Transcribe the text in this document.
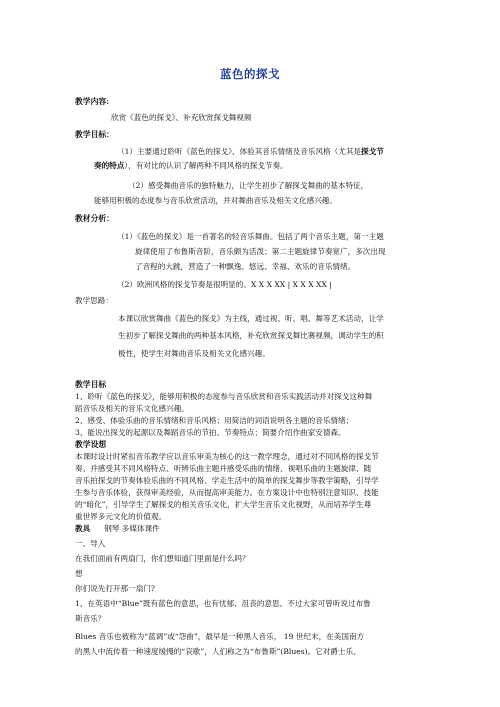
蓝色的探戈
教学内容:
欣赏《蓝色的探戈》、补充欣赏探戈舞视频
教学目标：
（1）主要通过聆听《蓝色的探戈》、体验其音乐情绪及音乐风格（尤其是探戈节
奏的特点），有对比的认识了解两种不同风格的探戈节奏。
（2）感受舞曲音乐的独特魅力，让学生初步了解探戈舞曲的基本特征，
能够用积极的态度参与音乐欣赏活动，并对舞曲音乐及相关文化感兴趣。
教材分析：
（1）《蓝色的探戈》是一首著名的轻音乐舞曲。包括了两个音乐主题，第一主题
旋律使用了布鲁斯音阶，音乐颇为活泼；第二主题旋律节奏宽广，多次出现
了音程的大跳，营造了一种飘逸、悠远、幸福、欢乐的音乐情绪。
（2）欧洲风格的探戈节奏是很明显的。X X X XX | X X X XX |
教学思路：
本课以欣赏舞曲《蓝色的探戈》为主线，通过视、听、唱、舞等艺术活动，让学
生初步了解探戈舞曲的两种基本风格，补充欣赏探戈舞比赛视频，调动学生的积
极性，使学生对舞曲音乐及相关文化感兴趣。
教学目标
1、聆听《蓝色的探戈》，能够用积极的态度参与音乐欣赏和音乐实践活动并对探戈这种舞
蹈音乐及相关的音乐文化感兴趣。
2、感受、体验乐曲的音乐情绪和音乐风格；用简洁的词语说明各主题的音乐情绪；
3、能说出探戈的起源以及舞蹈音乐的节拍、节奏特点；简要介绍作曲家安德森。
教学设想
本课时设计时紧扣音乐教学应以音乐审美为核心的这一教学理念，通过对不同风格的探戈节
奏、并感受其不同风格特点、听辨乐曲主题并感受乐曲的情绪、视唱乐曲的主题旋律、随
音乐拍探戈的节奏体验乐曲的不同风格、学走生活中的简单的探戈舞步等教学策略，引导学
生参与音乐体验，获得审美经验，从而提高审美能力。在方案设计中也特别注意知识、技能
的“暗化”，引导学生了解探戈的相关音乐文化，扩大学生音乐文化视野，从而培养学生尊
重世界多元文化的价值观。
教具 钢琴 多媒体课件
一、导入
在我们面前有两扇门，你们想知道门里面是什么吗？
想
你们说先打开那一扇门?
1、在英语中“Blue”既有蓝色的意思，也有忧郁、沮丧的意思。不过大家可曾听说过布鲁
斯音乐？
Blues 音乐也被称为“蓝调”或“怨曲”，最早是一种黑人音乐， 19 世纪末，在美国南方
的黑人中流传着一种速度缓慢的“哀歌”，人们称之为“布鲁斯”(Blues)。它对爵士乐、
